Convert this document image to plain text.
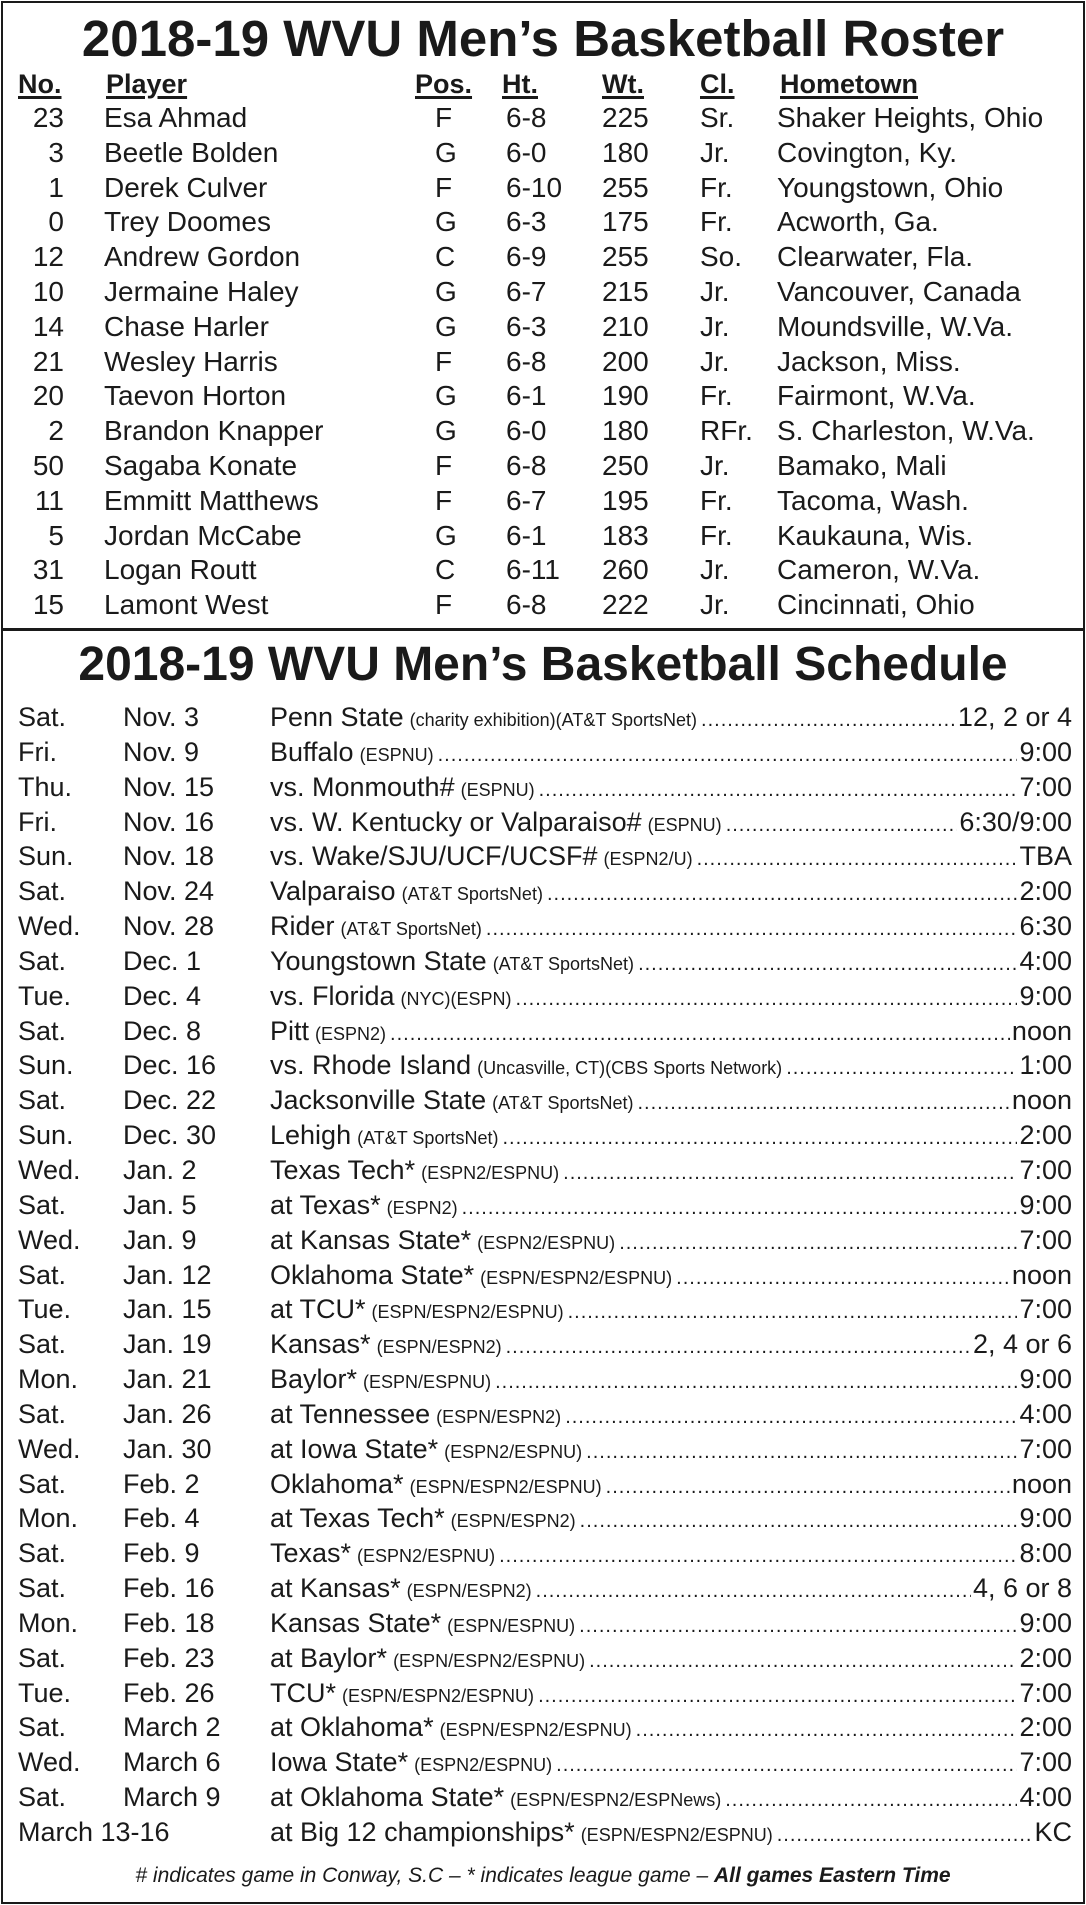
2018-19 WVU Men’s Basketball Roster
No. Player	Pos. Ht. Wt. Cl. Hometown
23 Esa Ahmad	F 6-8 225 Sr. Shaker Heights, Ohio
3 Beetle Bolden	G 6-0 180 Jr. Covington, Ky.
1 Derek Culver	F 6-10 255 Fr. Youngstown, Ohio
0 Trey Doomes	G 6-3 175 Fr. Acworth, Ga.
12 Andrew Gordon	C 6-9 255 So. Clearwater, Fla.
10 Jermaine Haley	G 6-7 215 Jr. Vancouver, Canada
14 Chase Harler	G 6-3 210 Jr. Moundsville, W.Va.
21 Wesley Harris	F 6-8 200 Jr. Jackson, Miss.
20 Taevon Horton	G 6-1 190 Fr. Fairmont, W.Va.
2 Brandon Knapper	G 6-0 180 RFr. S. Charleston, W.Va.
50 Sagaba Konate	F 6-8 250 Jr. Bamako, Mali
11 Emmitt Matthews	F 6-7 195 Fr. Tacoma, Wash.
5 Jordan McCabe	G 6-1 183 Fr. Kaukauna, Wis.
31 Logan Routt	C 6-11 260 Jr. Cameron, W.Va.
15 Lamont West	F 6-8 222 Jr. Cincinnati, Ohio
2018-19 WVU Men’s Basketball Schedule
Sat. Nov. 3	Penn State (charity exhibition)(AT&T SportsNet) .....	12, 2 or 4
Fri. Nov. 9	Buffalo (ESPNU) .....	9:00
Thu. Nov. 15 vs. Monmouth# (ESPNU) .....	7:00
Fri. Nov. 16 vs. W. Kentucky or Valparaiso# (ESPNU) .....	6:30/9:00
Sun. Nov. 18 vs. Wake/SJU/UCF/UCSF# (ESPN2/U) .....	TBA
Sat. Nov. 24 Valparaiso (AT&T SportsNet) .....	2:00
Wed. Nov. 28 Rider (AT&T SportsNet) .....	6:30
Sat. Dec. 1	Youngstown State (AT&T SportsNet) .....	4:00
Tue. Dec. 4	vs. Florida (NYC)(ESPN) .....	9:00
Sat. Dec. 8	Pitt (ESPN2) .....	noon
Sun. Dec. 16 vs. Rhode Island (Uncasville, CT)(CBS Sports Network) .....	1:00
Sat. Dec. 22 Jacksonville State (AT&T SportsNet) .....	noon
Sun. Dec. 30 Lehigh (AT&T SportsNet) .....	2:00
Wed. Jan. 2	Texas Tech* (ESPN2/ESPNU) .....	7:00
Sat. Jan. 5	at Texas* (ESPN2) .....	9:00
Wed. Jan. 9	at Kansas State* (ESPN2/ESPNU) .....	7:00
Sat. Jan. 12 Oklahoma State* (ESPN/ESPN2/ESPNU) .....	noon
Tue. Jan. 15 at TCU* (ESPN/ESPN2/ESPNU) .....	7:00
Sat. Jan. 19 Kansas* (ESPN/ESPN2) .....	2, 4 or 6
Mon. Jan. 21 Baylor* (ESPN/ESPNU) .....	9:00
Sat. Jan. 26 at Tennessee (ESPN/ESPN2) .....	4:00
Wed. Jan. 30 at Iowa State* (ESPN2/ESPNU) .....	7:00
Sat. Feb. 2	Oklahoma* (ESPN/ESPN2/ESPNU) .....	noon
Mon. Feb. 4	at Texas Tech* (ESPN/ESPN2) .....	9:00
Sat. Feb. 9	Texas* (ESPN2/ESPNU) .....	8:00
Sat. Feb. 16 at Kansas* (ESPN/ESPN2) .....	4, 6 or 8
Mon. Feb. 18 Kansas State* (ESPN/ESPNU) .....	9:00
Sat. Feb. 23 at Baylor* (ESPN/ESPN2/ESPNU) .....	2:00
Tue. Feb. 26 TCU* (ESPN/ESPN2/ESPNU) .....	7:00
Sat. March 2 at Oklahoma* (ESPN/ESPN2/ESPNU) .....	2:00
Wed. March 6 Iowa State* (ESPN2/ESPNU) .....	7:00
Sat. March 9 at Oklahoma State* (ESPN/ESPN2/ESPNews) .....	4:00
March 13-16	at Big 12 championships* (ESPN/ESPN2/ESPNU) .....	KC
# indicates game in Conway, S.C – * indicates league game – All games Eastern Time
